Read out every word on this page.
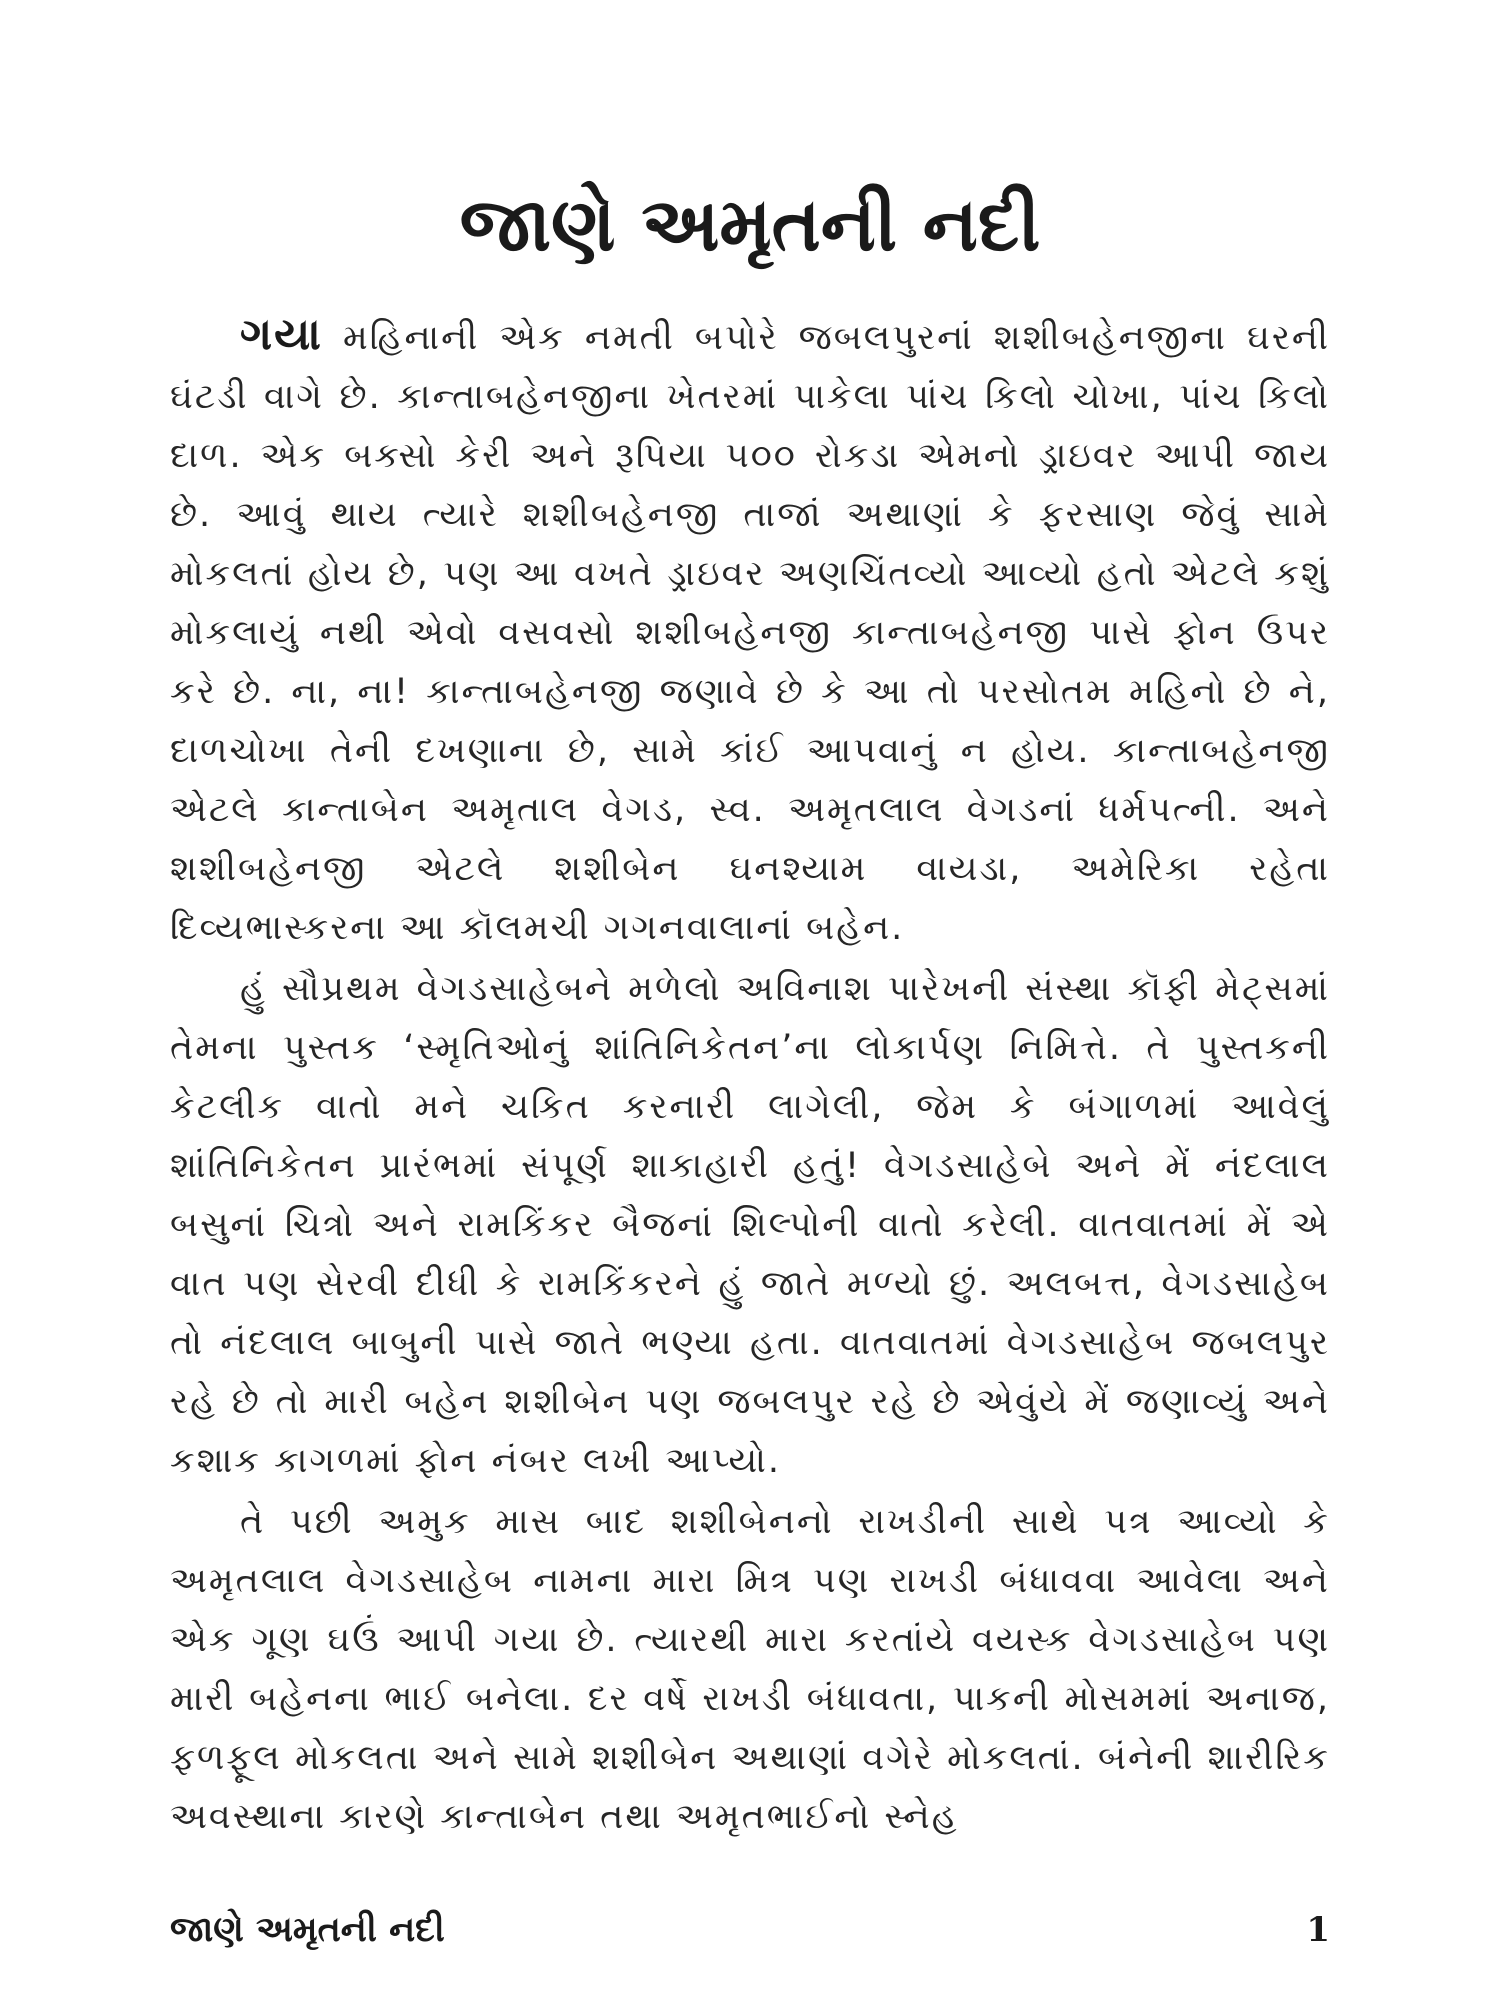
જાણે અમૃતની નદી

ગયા મહિનાની એક નમતી બપોરે જબલપુરનાં શશીબહેનજીના ઘરની ઘંટડી વાગે છે. કાન્તાબહેનજીના ખેતરમાં પાકેલા પાંચ કિલો ચોખા, પાંચ કિલો દાળ. એક બક્સો કેરી અને રૂપિયા ૫૦૦ રોકડા એમનો ડ્રાઇવર આપી જાય છે. આવું થાય ત્યારે શશીબહેનજી તાજાં અથાણાં કે ફરસાણ જેવું સામે મોકલતાં હોય છે, પણ આ વખતે ડ્રાઇવર અણચિંતવ્યો આવ્યો હતો એટલે કશું મોકલાયું નથી એવો વસવસો શશીબહેનજી કાન્તાબહેનજી પાસે ફોન ઉપર કરે છે. ના, ના! કાન્તાબહેનજી જણાવે છે કે આ તો પરસોતમ મહિનો છે ને, દાળચોખા તેની દખણાના છે, સામે કાંઈ આપવાનું ન હોય. કાન્તાબહેનજી એટલે કાન્તાબેન અમૃતાલ વેગડ, સ્વ. અમૃતલાલ વેગડનાં ધર્મપત્ની. અને શશીબહેનજી એટલે શશીબેન ઘનશ્યામ વાયડા, અમેરિકા રહેતા દિવ્યભાસ્કરના આ કૉલમચી ગગનવાલાનાં બહેન.

હું સૌપ્રથમ વેગડસાહેબને મળેલો અવિનાશ પારેખની સંસ્થા કૉફી મેટ્સમાં તેમના પુસ્તક ‘સ્મૃતિઓનું શાંતિનિકેતન’ના લોકાર્પણ નિમિત્તે. તે પુસ્તકની કેટલીક વાતો મને ચકિત કરનારી લાગેલી, જેમ કે બંગાળમાં આવેલું શાંતિનિકેતન પ્રારંભમાં સંપૂર્ણ શાકાહારી હતું! વેગડસાહેબે અને મેં નંદલાલ બસુનાં ચિત્રો અને રામકિંકર બૈજનાં શિલ્પોની વાતો કરેલી. વાતવાતમાં મેં એ વાત પણ સેરવી દીધી કે રામકિંકરને હું જાતે મળ્યો છું. અલબત્ત, વેગડસાહેબ તો નંદલાલ બાબુની પાસે જાતે ભણ્યા હતા. વાતવાતમાં વેગડસાહેબ જબલપુર રહે છે તો મારી બહેન શશીબેન પણ જબલપુર રહે છે એવુંયે મેં જણાવ્યું અને કશાક કાગળમાં ફોન નંબર લખી આપ્યો.

તે પછી અમુક માસ બાદ શશીબેનનો રાખડીની સાથે પત્ર આવ્યો કે અમૃતલાલ વેગડસાહેબ નામના મારા મિત્ર પણ રાખડી બંધાવવા આવેલા અને એક ગૂણ ઘઉં આપી ગયા છે. ત્યારથી મારા કરતાંયે વયસ્ક વેગડસાહેબ પણ મારી બહેનના ભાઈ બનેલા. દર વર્ષે રાખડી બંધાવતા, પાકની મોસમમાં અનાજ, ફળફૂલ મોકલતા અને સામે શશીબેન અથાણાં વગેરે મોકલતાં. બંનેની શારીરિક અવસ્થાના કારણે કાન્તાબેન તથા અમૃતભાઈનો સ્નેહ

જાણે અમૃતની નદી	1
